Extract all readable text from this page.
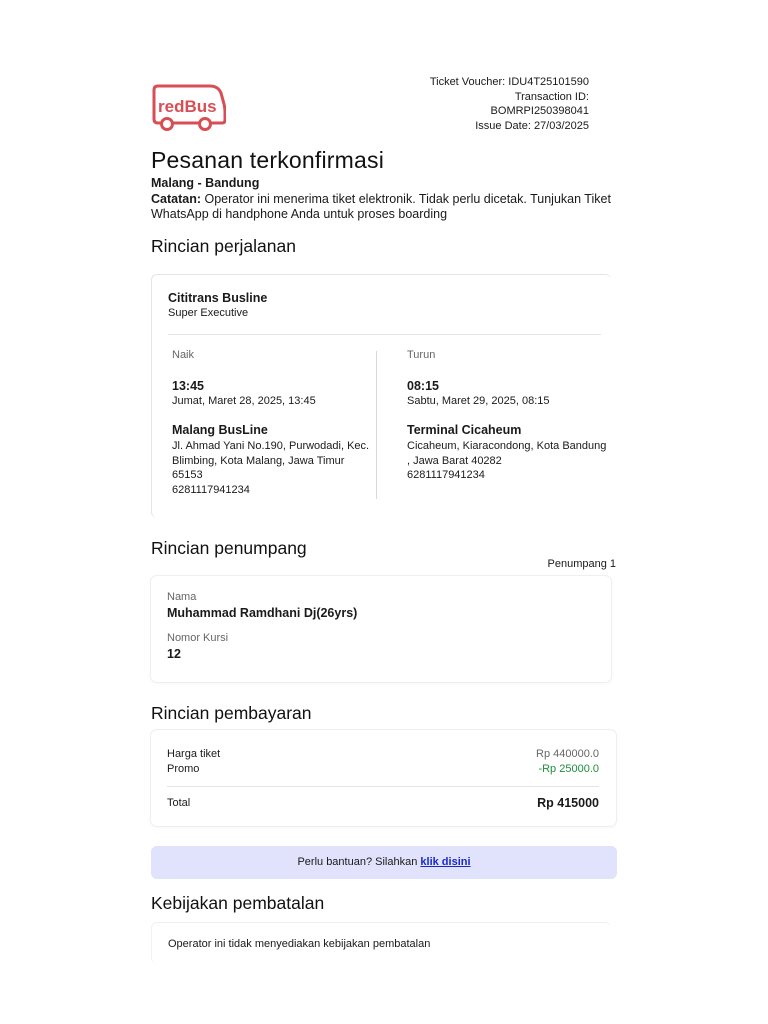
redBus
Ticket Voucher: IDU4T25101590
Transaction ID:
BOMRPI250398041
Issue Date: 27/03/2025
Pesanan terkonfirmasi
Malang - Bandung
Catatan: Operator ini menerima tiket elektronik. Tidak perlu dicetak. Tunjukan Tiket WhatsApp di handphone Anda untuk proses boarding
Rincian perjalanan
Cititrans Busline
Super Executive
Naik
13:45
Jumat, Maret 28, 2025, 13:45
Malang BusLine
Jl. Ahmad Yani No.190, Purwodadi, Kec. Blimbing, Kota Malang, Jawa Timur 65153
6281117941234
Turun
08:15
Sabtu, Maret 29, 2025, 08:15
Terminal Cicaheum
Cicaheum, Kiaracondong, Kota Bandung , Jawa Barat 40282
6281117941234
Rincian penumpang
Penumpang 1
Nama
Muhammad Ramdhani Dj(26yrs)
Nomor Kursi
12
Rincian pembayaran
Harga tiket	Rp 440000.0
Promo	-Rp 25000.0
Total	Rp 415000
Perlu bantuan? Silahkan klik disini
Kebijakan pembatalan
Operator ini tidak menyediakan kebijakan pembatalan
